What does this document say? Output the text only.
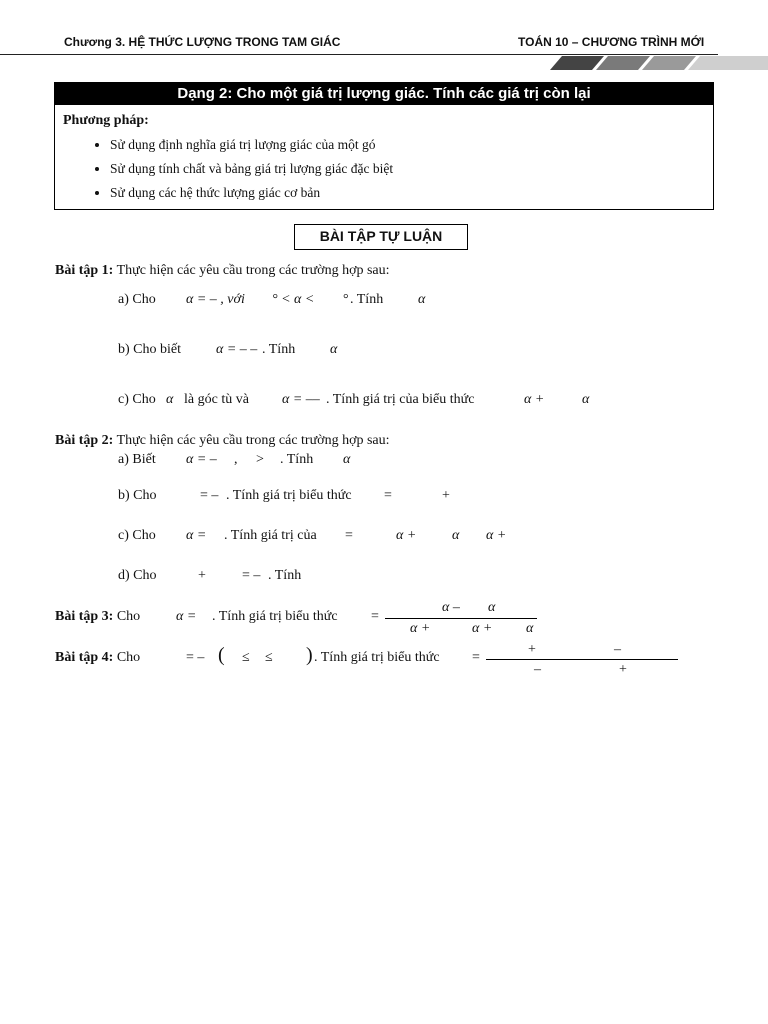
Chương 3. HỆ THỨC LƯỢNG TRONG TAM GIÁC	TOÁN 10 – CHƯƠNG TRÌNH MỚI
Dạng 2: Cho một giá trị lượng giác. Tính các giá trị còn lại
Phương pháp:
• Sử dụng định nghĩa giá trị lượng giác của một gó
• Sử dụng tính chất và bảng giá trị lượng giác đặc biệt
• Sử dụng các hệ thức lượng giác cơ bản
BÀI TẬP TỰ LUẬN
Bài tập 1: Thực hiện các yêu cầu trong các trường hợp sau:
a) Cho α = – , với ° < α < ° . Tính α
b) Cho biết	α = – – . Tính α
c) Cho α là góc tù và α = –– . Tính giá trị của biểu thức	α +	α
Bài tập 2: Thực hiện các yêu cầu trong các trường hợp sau:
a) Biết α = – , > . Tính α
b) Cho	= – . Tính giá trị biểu thức =	+
c) Cho α = . Tính giá trị của =	α +	α α +
d) Cho	+	= – . Tính
Bài tập 3: Cho	α = . Tính giá trị biểu thức =
α – α
α +	α + α
Bài tập 4: Cho	= – ( ≤ ≤ ) . Tính giá trị biểu thức =
+	–
–	+
